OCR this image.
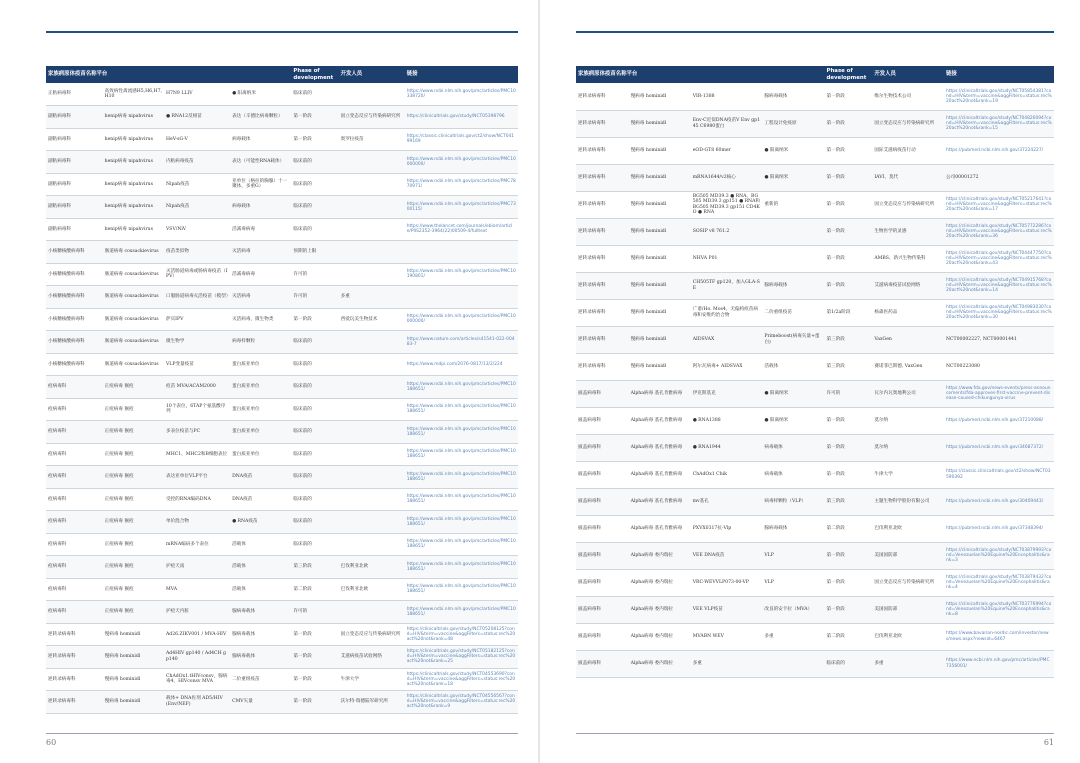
家族病原体疫苗名称平台				Phase of development	开发人员	链接
正粘病毒科	高致病性禽流感H5,H6,H7,H10	H7N9 LLIV	● 阳离纳米	临床前的		https://www.ncbi.nlm.nih.gov/pmc/articles/PMC10338720/
副粘病毒科	henip病毒 nipahvirus	● RNA12反相苗	表达（辛德比病毒颗粒）	第一阶段	国立变态反应与传染病研究所	https://clinicaltrials.gov/study/NCT05398796
副粘病毒科	henip病毒 nipahvirus	HeV-sG-V	病毒载体	第一阶段	奥罗拉疫苗	https://classic.clinicaltrials.gov/ct2/show/NCT04199169
副粘病毒科	henip病毒 nipahvirus	内粘病毒疫苗	表达（可能性RNA载体）	临床前的		https://www.ncbi.nlm.nih.gov/pmc/articles/PMC10000000/
副粘病毒科	henip病毒 nipahvirus	Nipah疫苗	亚单位（格拉的胸腺）十一聚体，多重G）	临床前的		https://www.ncbi.nlm.nih.gov/pmc/articles/PMC7870971/
副粘病毒科	henip病毒 nipahvirus	Nipah疫苗	病毒载体	临床前的		https://www.ncbi.nlm.nih.gov/pmc/articles/PMC7300115/
副粘病毒科	henip病毒 nipahvirus	VSV/NiV	活减毒病毒	临床前的		https://www.thelancet.com/journals/ebiom/article/PIIS2352-3964(22)00509-4/fulltext
小核糖核酸病毒科	肠道病毒 coxsackievirus	疫苗类似物	灭活病毒	预期的上限		
小核糖核酸病毒科	肠道病毒 coxsackievirus	灭活肠道病毒或肠病毒疫苗（IPV）	活减毒病毒	许可的		https://www.ncbi.nlm.nih.gov/pmc/articles/PMC10190801/
小核糖核酸病毒科	肠道病毒 coxsackievirus	口服肠道病毒灭活疫苗（模型）	灭活病毒	许可的	多重	
小核糖核酸病毒科	肠道病毒 coxsackievirus	萨宾IPV	灭活病毒，微生物类	第一阶段	西爱玩美生物技术	https://www.ncbi.nlm.nih.gov/pmc/articles/PMC10000000/
小核糖核酸病毒科	肠道病毒 coxsackievirus	微生物学	病毒样颗粒	临床前的		https://www.nature.com/articles/s41541-022-00483-7
小核糖核酸病毒科	肠道病毒 coxsackievirus	VLP变量疫苗	蛋白质亚单位	临床前的		https://www.mdpi.com/2076-0817/13/2/224
痘病毒科	正痘病毒 猴痘	痘苗 MVA/ACAM2000	蛋白质亚单位	临床前的		https://www.ncbi.nlm.nih.gov/pmc/articles/PMC10188651/
痘病毒科	正痘病毒 猴痘	10个表位，6TAP个氨基酸序列	蛋白质亚单位	临床前的		https://www.ncbi.nlm.nih.gov/pmc/articles/PMC10188651/
痘病毒科	正痘病毒 猴痘	多表位疫苗与PC	蛋白质亚单位	临床前的		https://www.ncbi.nlm.nih.gov/pmc/articles/PMC10188651/
痘病毒科	正痘病毒 猴痘	MHC1、MHC2和B细胞表位	蛋白质亚单位	临床前的		https://www.ncbi.nlm.nih.gov/pmc/articles/PMC10188651/
痘病毒科	正痘病毒 猴痘	表达亚单位VLP平台	DNA疫苗	临床前的		https://www.ncbi.nlm.nih.gov/pmc/articles/PMC10188651/
痘病毒科	正痘病毒 猴痘	受控的RNA编码DNA	DNA疫苗	临床前的		https://www.ncbi.nlm.nih.gov/pmc/articles/PMC10188651/
痘病毒科	正痘病毒 猴痘	单价混合物	● RNA疫苗	临床前的		https://www.ncbi.nlm.nih.gov/pmc/articles/PMC10188651/
痘病毒科	正痘病毒 猴痘	mRNA编码多个表位	活载体	临床前的		https://www.ncbi.nlm.nih.gov/pmc/articles/PMC10188651/
痘病毒科	正痘病毒 猴痘	护痘天南	活载体	第三阶段	巴伐利亚北欧	https://www.ncbi.nlm.nih.gov/pmc/articles/PMC10188651/
痘病毒科	正痘病毒 猴痘	MVA	活载体	第二阶段	巴伐利亚北欧	https://www.ncbi.nlm.nih.gov/pmc/articles/PMC10188651/
痘病毒科	正痘病毒 猴痘	护痘天内脏	腺病毒载体	许可的		https://www.ncbi.nlm.nih.gov/pmc/articles/PMC10188651/
逆转录病毒科	慢病毒 hominidl	Ad26.ZIKV001 / MVA-HIV	腺病毒载体	第一阶段	国立变态反应与传染病研究所	https://clinicaltrials.gov/study/NCT05208125?cond=HIV&term=vaccine&aggFilters=status:rec%20act%20not&rank=48
逆转录病毒科	慢病毒 hominidl	Ad4HIV gp140 / Ad4CH gp140	腺病毒载体	第一阶段	艾滋病疫苗试验网络	https://clinicaltrials.gov/study/NCT05182125?cond=HIV&term=vaccine&aggFilters=status:rec%20act%20not&rank=25
逆转录病毒科	慢病毒 hominidl	ChAdOx1.tHIVconsv，腺病毒4，HIVconsv MVA	二价重组疫苗	第一阶段	牛津大学	https://clinicaltrials.gov/study/NCT04553690?cond=HIV&term=vaccine&aggFilters=status:rec%20act%20not&rank=18
逆转录病毒科	慢病毒 hominidl	载体+ DNA佐剂 AD5/HIV (Env/NEF)	CMV矢量	第一阶段	沃尔特·瑞德陆军研究所	https://clinicaltrials.gov/study/NCT04556567?cond=HIV&term=vaccine&aggFilters=status:rec%20act%20not&rank=9
60
家族病原体疫苗名称平台				Phase of development	开发人员	链接
逆转录病毒科	慢病毒 hominidl	VIR-1388	腺病毒载体	第一阶段	维尔生物技术公司	https://clinicaltrials.gov/study/NCT05854381?cond=HIV&term=vaccine&aggFilters=status:rec%20act%20not&rank=19
逆转录病毒科	慢病毒 hominidl	Env-C近似DNA疫苗V Env gp145 C6980蛋白	工程设计免疫原	第一阶段	国立变态反应与传染病研究所	https://clinicaltrials.gov/study/NCT04826094?cond=HIV&term=vaccine&aggFilters=status:rec%20act%20not&rank=15
逆转录病毒科	慢病毒 hominidl	eOD-GT8 60mer	● 阳离纳米	第一阶段	国际艾滋病疫苗行动	https://pubmed.ncbi.nlm.nih.gov/37224227/
逆转录病毒科	慢病毒 hominidl	mRNA1644/v2核心	● 阳离纳米	第一阶段	IAVI、莫代	公司00001272
逆转录病毒科	慢病毒 hominidl	BG505 MD39.3 ● RNA、BG505 MD39.3 gp151 ● RNA和BG505 MD39.3 gp151 CD4KO ● RNA	重新的	第一阶段	国立变态反应与传染病研究所	https://clinicaltrials.gov/study/NCT05217641?cond=HIV&term=vaccine&aggFilters=status:rec%20act%20not&rank=17
逆转录病毒科	慢病毒 hominidl	SOSIP v8 761.2		第一阶段	生物医学的灵感	https://clinicaltrials.gov/study/NCT05772286?cond=HIV&term=vaccine&aggFilters=status:rec%20act%20not&rank=36
逆转录病毒科	慢病毒 hominidl	NHVA P01		第一阶段	AMBS、新兴生物传染科	https://clinicaltrials.gov/study/NCT04447750?cond=HIV&term=vaccine&aggFilters=status:rec%20act%20not&rank=43
逆转录病毒科	慢病毒 hominidl	CH505TF gp120，加入GLA-SE	腺病毒载体	第一阶段	艾滋病毒疫苗试验网络	https://clinicaltrials.gov/study/NCT04915768?cond=HIV&term=vaccine&aggFilters=status:rec%20act%20not&rank=14
逆转录病毒科	慢病毒 hominidl	广谱/Ho. Mos4，无偏构痘苗病毒和安维约治合物	二价重组疫苗	第1/2a阶段	杨森医药品	https://clinicaltrials.gov/study/NCT04983030?cond=HIV&term=vaccine&aggFilters=status:rec%20act%20not&rank=30
逆转录病毒科	慢病毒 hominidl	AIDSVAX	Primeboost(病毒矢量+蛋白)	第三阶段	VaxGen	NCT00002227, NCT00001441
逆转录病毒科	慢病毒 hominidl	阿尔瓦病毒+ AIDSVAX	活载体	第三阶段	赛诺菲巴斯德, VaxGen	NCT00223080
披盖病毒科	Alpha病毒 基孔肯雅病毒	伊克斯基克	● 阳离纳米	许可的	瓦尔内瓦奥地利公司	https://www.fda.gov/news-events/press-announcements/fda-approves-first-vaccine-prevent-disease-caused-chikungunya-virus
披盖病毒科	Alpha病毒 基孔肯雅病毒	● RNA1388	● 阳离纳米	第一阶段	莫尔纳	https://pubmed.ncbi.nlm.nih.gov/37210088/
披盖病毒科	Alpha病毒 基孔肯雅病毒	● RNA1944	病毒载体	第一阶段	莫尔纳	https://pubmed.ncbi.nlm.nih.gov/34687372/
披盖病毒科	Alpha病毒 基孔肯雅病毒	ChAdOx1 Chik	病毒载体	第一阶段	牛津大学	https://classic.clinicaltrials.gov/ct2/show/NCT03590392
披盖病毒科	Alpha病毒 基孔肯雅病毒	mv基孔	病毒样颗粒（VLP）	第三阶段	主题生物科学股份有限公司	https://pubmed.ncbi.nlm.nih.gov/30409443/
披盖病毒科	Alpha病毒 基孔肯雅病毒	PXVX0317抗-Vlp	腺病毒载体	第二阶段	巴伐利亚北欧	https://pubmed.ncbi.nlm.nih.gov/37348394/
披盖病毒科	Alpha病毒 委内瑞拉	VEE DNA疫苗	VLP	第一阶段	美国国防部	https://clinicaltrials.gov/study/NCT03879993?cond=Venezuelan%20Equine%20Encephalitis&rank=3
披盖病毒科	Alpha病毒 委内瑞拉	VRC-WEVVLP073-00-VP	VLP	第一阶段	国立变态反应与传染病研究所	https://clinicaltrials.gov/study/NCT03879432?cond=Venezuelan%20Equine%20Encephalitis&rank=4
披盖病毒科	Alpha病毒 委内瑞拉	VEE VLP疫苗	改良的安卡拉（MVA）	第一阶段	美国国防部	https://clinicaltrials.gov/study/NCT03776994?cond=Venezuelan%20Equine%20Encephalitis&rank=8
披盖病毒科	Alpha病毒 委内瑞拉	MVABN WEV	多重	第二阶段	巴伐利亚北欧	https://www.bavarian-nordic.com/investor/news/news.aspx?newsid=6467
披盖病毒科	Alpha病毒 委内瑞拉	多重		临床前的	多重	https://www.ncbi.nlm.nih.gov/pmc/articles/PMC7356001/
61
